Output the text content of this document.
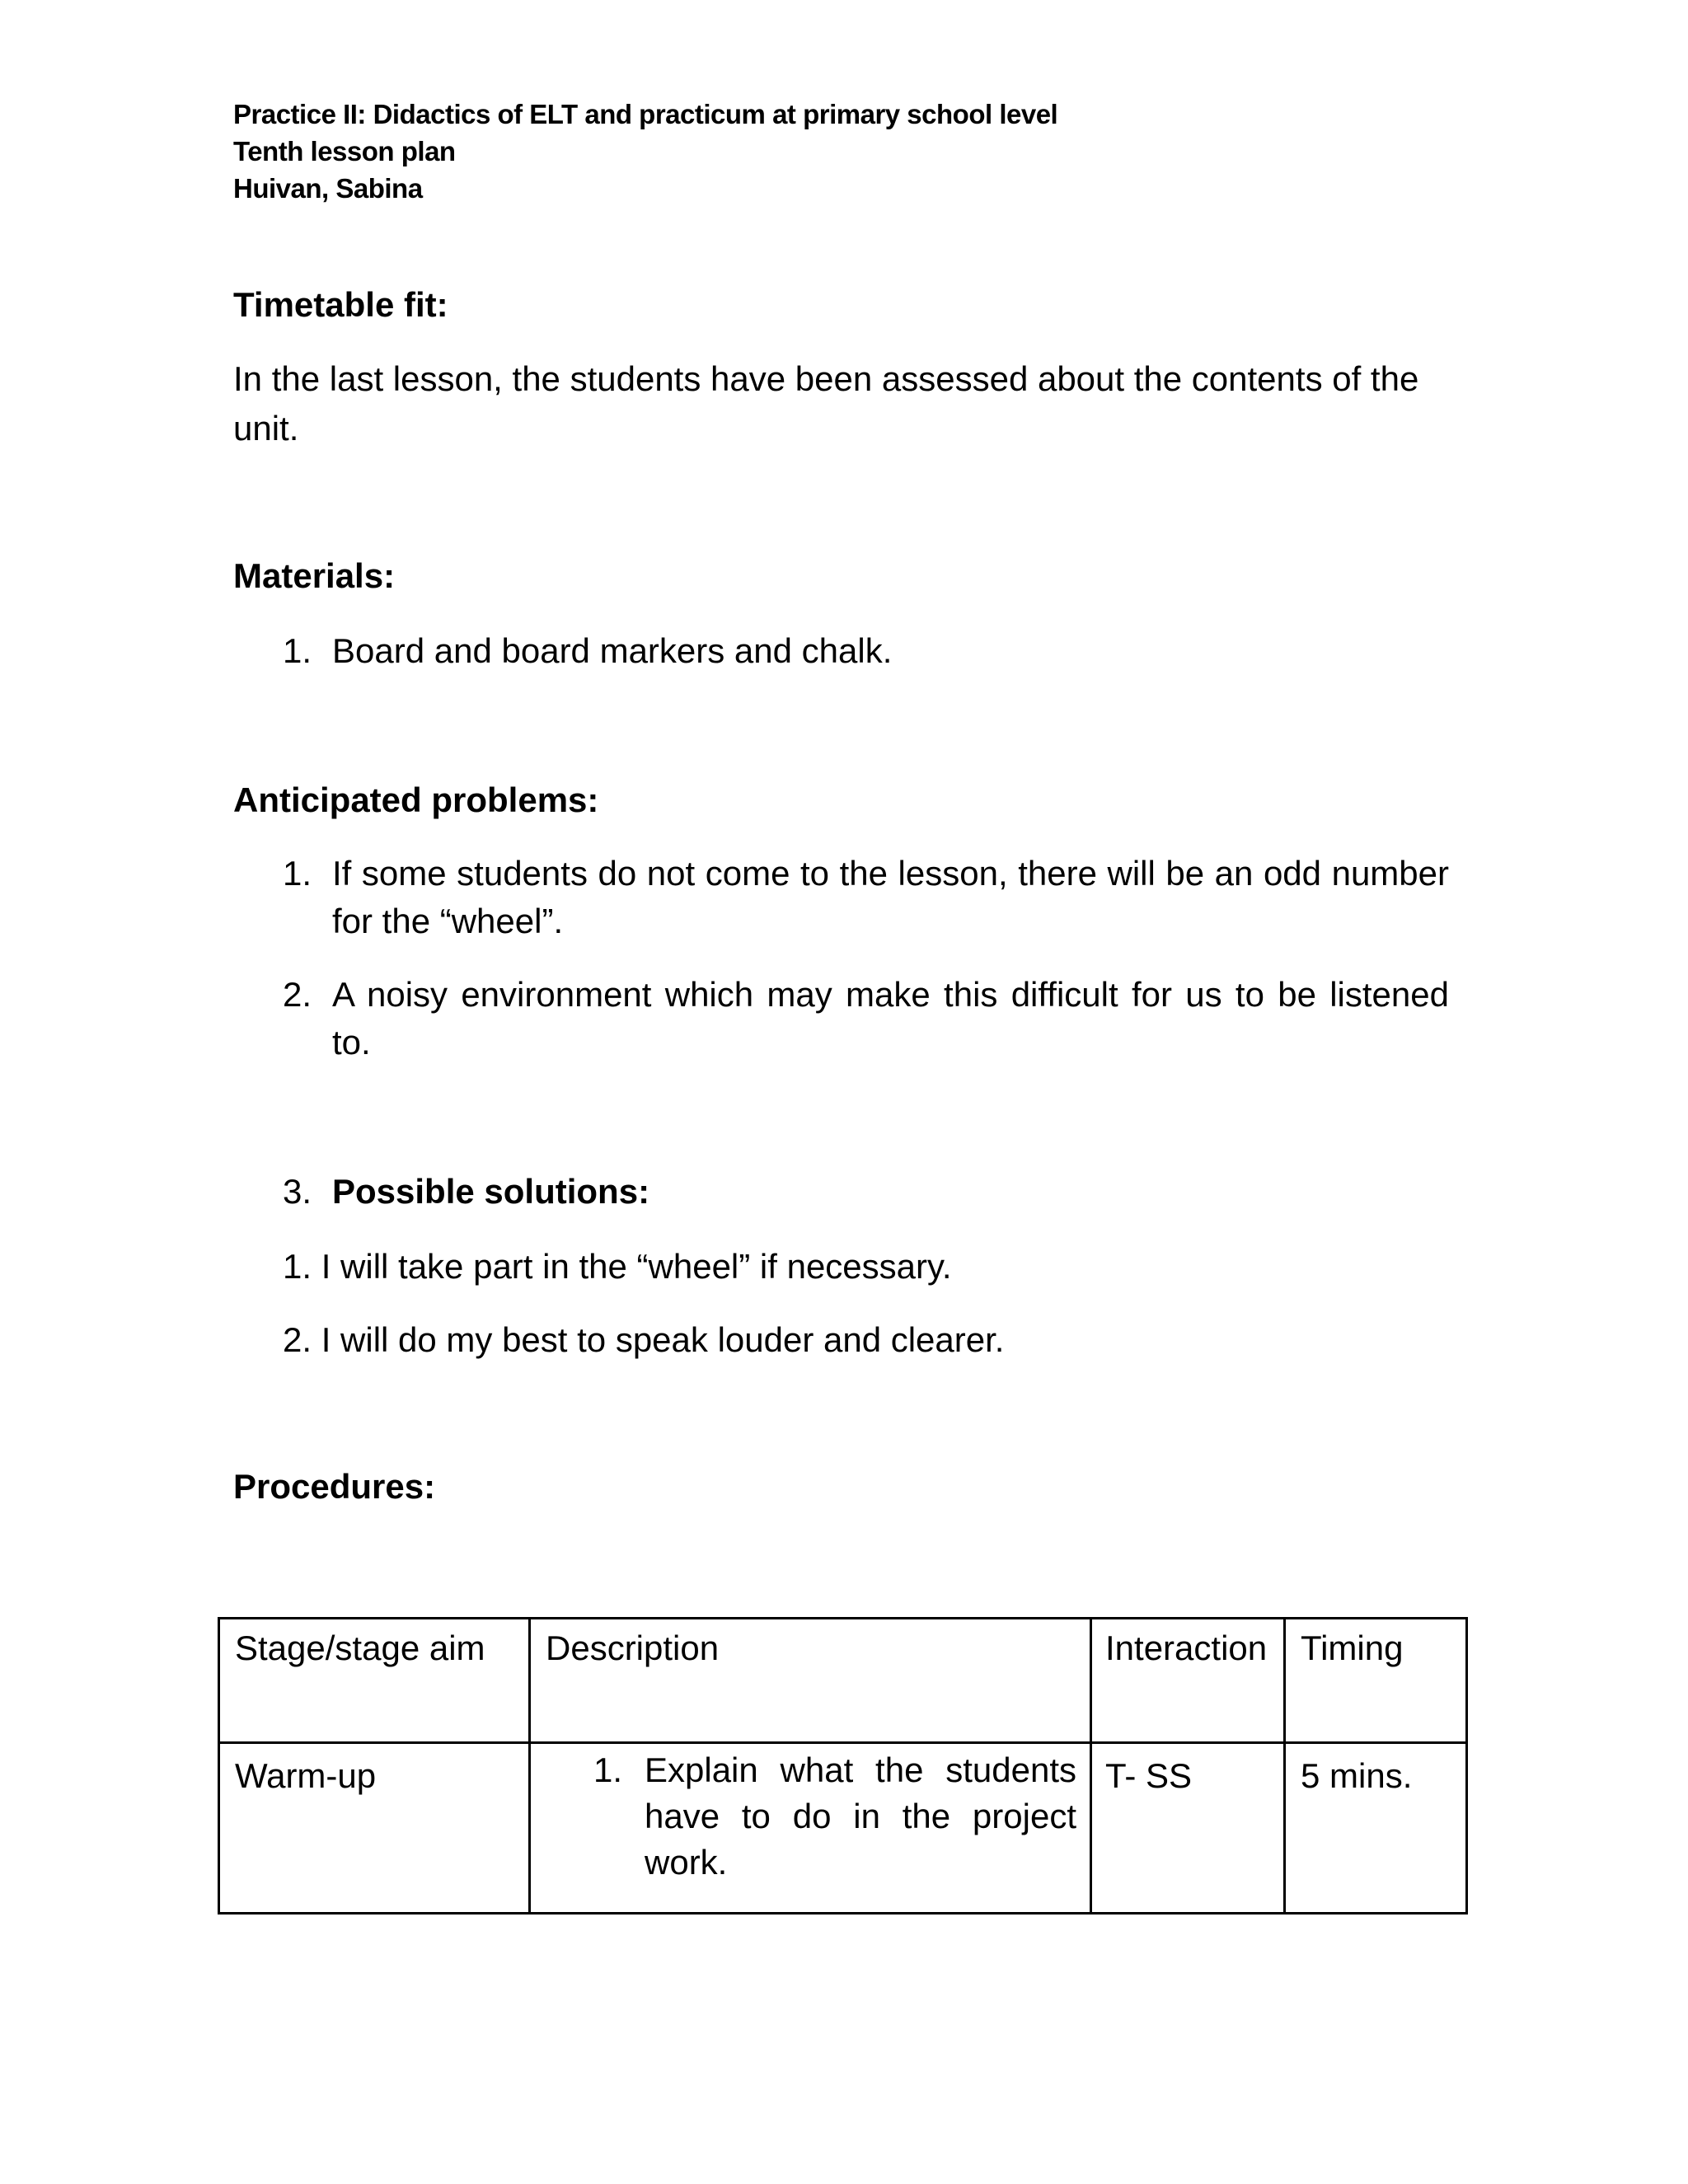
Practice II: Didactics of ELT and practicum at primary school level
Tenth lesson plan
Huivan, Sabina
Timetable fit:
In the last lesson, the students have been assessed about the contents of the unit.
Materials:
1. Board and board markers and chalk.
Anticipated problems:
1. If some students do not come to the lesson, there will be an odd number for the “wheel”.
2. A noisy environment which may make this difficult for us to be listened to.
3. Possible solutions:
1. I will take part in the “wheel” if necessary.
2. I will do my best to speak louder and clearer.
Procedures:
Stage/stage aim	Description	Interaction	Timing
Warm-up	1. Explain what the students have to do in the project work.	T- SS	5 mins.
